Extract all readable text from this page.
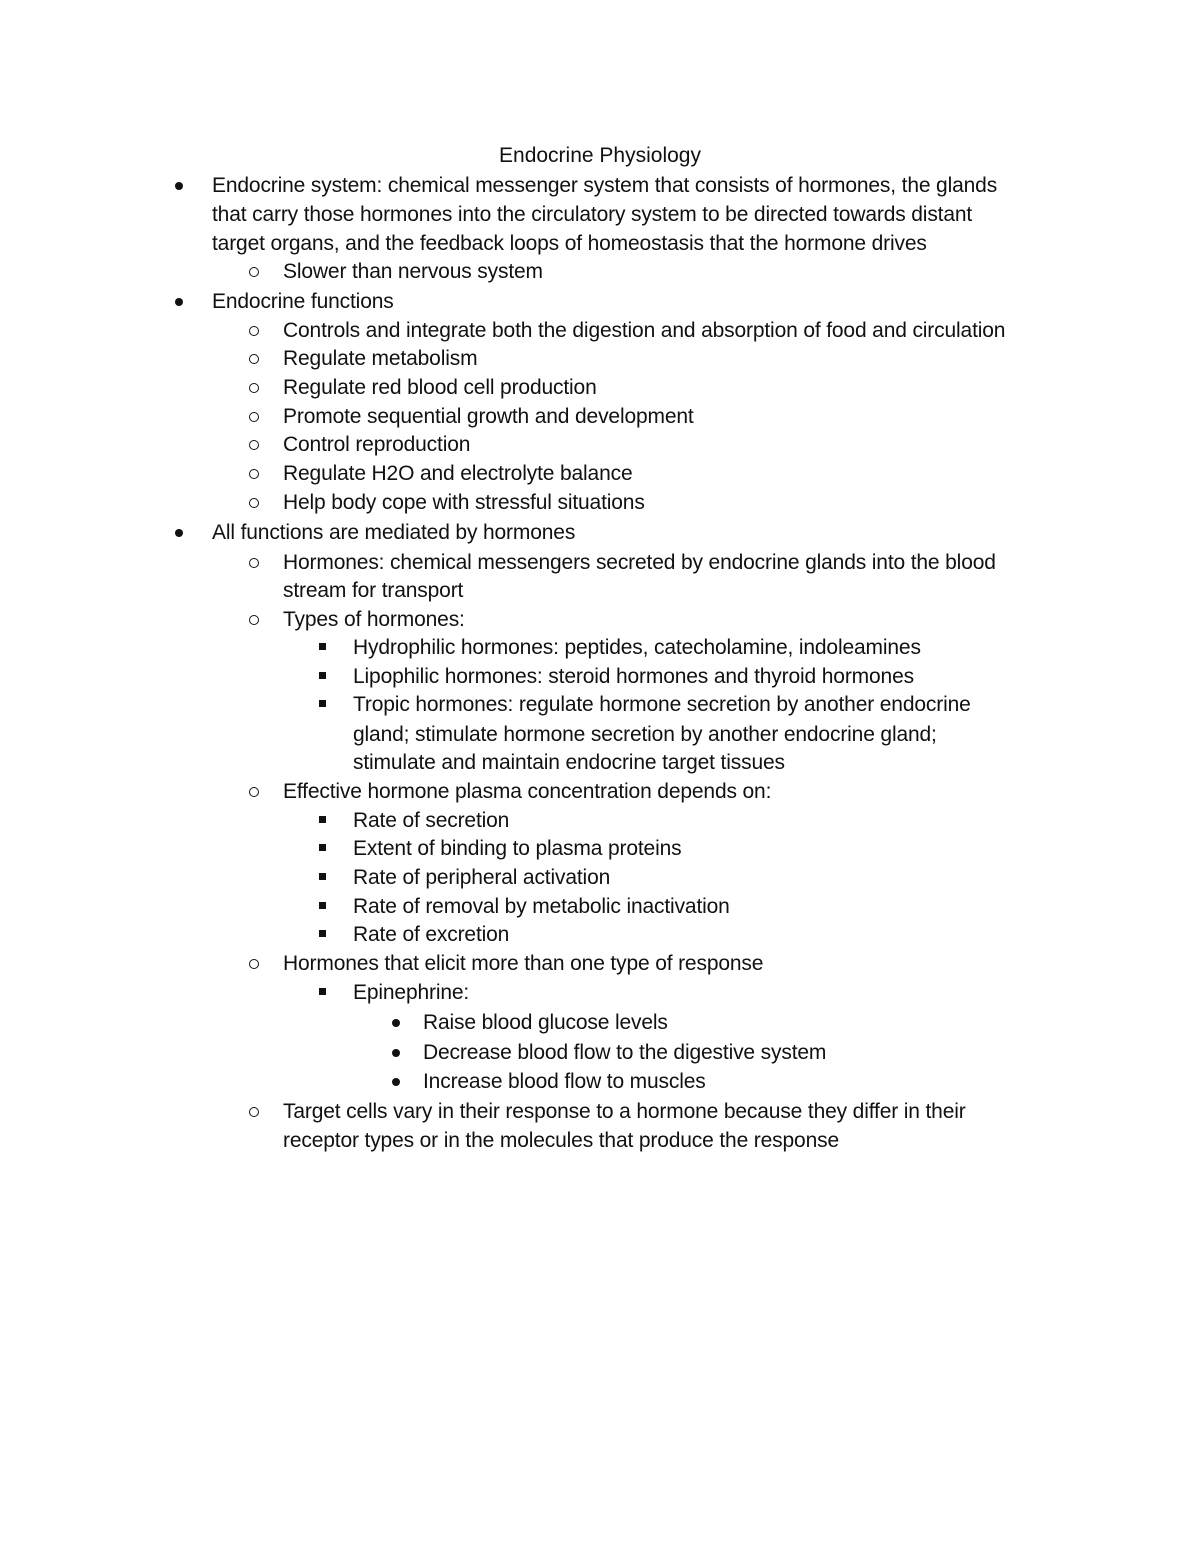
Endocrine Physiology
Endocrine system: chemical messenger system that consists of hormones, the glands
that carry those hormones into the circulatory system to be directed towards distant
target organs, and the feedback loops of homeostasis that the hormone drives
Slower than nervous system
Endocrine functions
Controls and integrate both the digestion and absorption of food and circulation
Regulate metabolism
Regulate red blood cell production
Promote sequential growth and development
Control reproduction
Regulate H2O and electrolyte balance
Help body cope with stressful situations
All functions are mediated by hormones
Hormones: chemical messengers secreted by endocrine glands into the blood
stream for transport
Types of hormones:
Hydrophilic hormones: peptides, catecholamine, indoleamines
Lipophilic hormones: steroid hormones and thyroid hormones
Tropic hormones: regulate hormone secretion by another endocrine
gland; stimulate hormone secretion by another endocrine gland;
stimulate and maintain endocrine target tissues
Effective hormone plasma concentration depends on:
Rate of secretion
Extent of binding to plasma proteins
Rate of peripheral activation
Rate of removal by metabolic inactivation
Rate of excretion
Hormones that elicit more than one type of response
Epinephrine:
Raise blood glucose levels
Decrease blood flow to the digestive system
Increase blood flow to muscles
Target cells vary in their response to a hormone because they differ in their
receptor types or in the molecules that produce the response
